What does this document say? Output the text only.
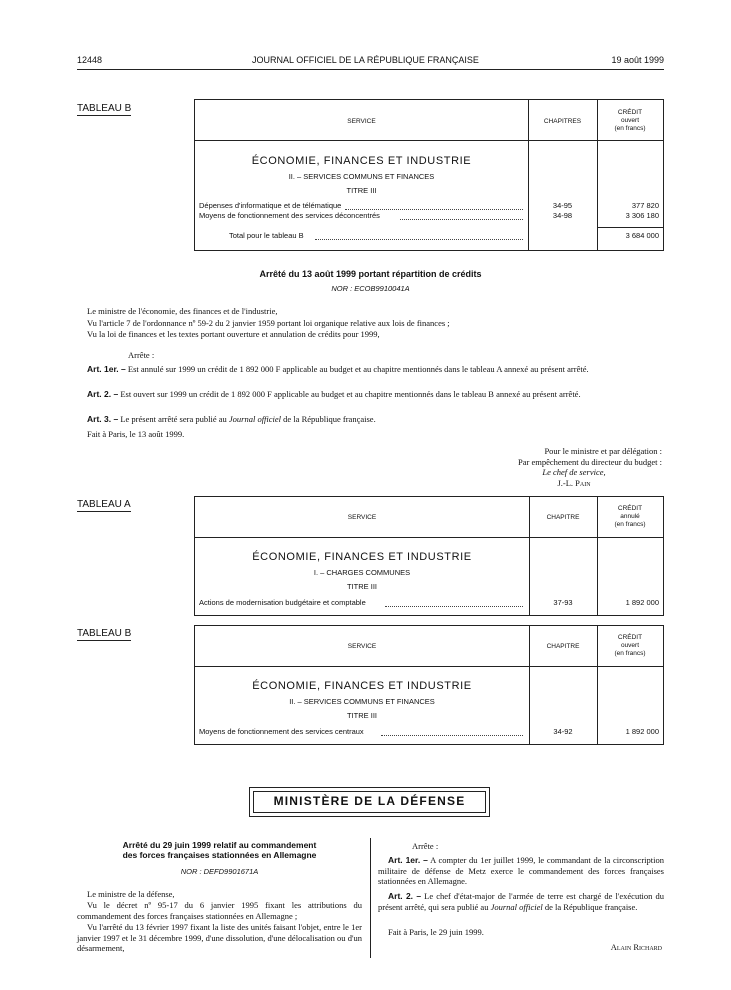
12448	JOURNAL OFFICIEL DE LA RÉPUBLIQUE FRANÇAISE	19 août 1999
TABLEAU B
SERVICE	CHAPITRES
CRÉDIT
ouvert
(en francs)
ÉCONOMIE, FINANCES ET INDUSTRIE
II. – SERVICES COMMUNS ET FINANCES
TITRE III
Dépenses d'informatique et de télématique	34-95	377 820
Moyens de fonctionnement des services déconcentrés	34-98	3 306 180
Total pour le tableau B	3 684 000
Arrêté du 13 août 1999 portant répartition de crédits
NOR : ECOB9910041A
Le ministre de l'économie, des finances et de l'industrie,
Vu l'article 7 de l'ordonnance nº 59-2 du 2 janvier 1959 portant loi organique relative aux lois de finances ;
Vu la loi de finances et les textes portant ouverture et annulation de crédits pour 1999,
Arrête :
Art. 1er. – Est annulé sur 1999 un crédit de 1 892 000 F applicable au budget et au chapitre mentionnés dans le tableau A annexé au présent arrêté.
Art. 2. – Est ouvert sur 1999 un crédit de 1 892 000 F applicable au budget et au chapitre mentionnés dans le tableau B annexé au présent arrêté.
Art. 3. – Le présent arrêté sera publié au Journal officiel de la République française.
Fait à Paris, le 13 août 1999.
Pour le ministre et par délégation :
Par empêchement du directeur du budget :
Le chef de service,
J.-L. Pain
TABLEAU A
SERVICE	CHAPITRE
CRÉDIT
annulé
(en francs)
ÉCONOMIE, FINANCES ET INDUSTRIE
I. – CHARGES COMMUNES
TITRE III
Actions de modernisation budgétaire et comptable	37-93	1 892 000
TABLEAU B
SERVICE	CHAPITRE
CRÉDIT
ouvert
(en francs)
ÉCONOMIE, FINANCES ET INDUSTRIE
II. – SERVICES COMMUNS ET FINANCES
TITRE III
Moyens de fonctionnement des services centraux	34-92	1 892 000
MINISTÈRE DE LA DÉFENSE
Arrêté du 29 juin 1999 relatif au commandement
des forces françaises stationnées en Allemagne
NOR : DEFD9901671A
Le ministre de la défense,
Vu le décret nº 95-17 du 6 janvier 1995 fixant les attributions du commandement des forces françaises stationnées en Allemagne ;
Vu l'arrêté du 13 février 1997 fixant la liste des unités faisant l'objet, entre le 1er janvier 1997 et le 31 décembre 1999, d'une dissolution, d'une délocalisation ou d'un désarmement,
Arrête :
Art. 1er. – A compter du 1er juillet 1999, le commandant de la circonscription militaire de défense de Metz exerce le commandement des forces françaises stationnées en Allemagne.
Art. 2. – Le chef d'état-major de l'armée de terre est chargé de l'exécution du présent arrêté, qui sera publié au Journal officiel de la République française.
Fait à Paris, le 29 juin 1999.
Alain Richard
